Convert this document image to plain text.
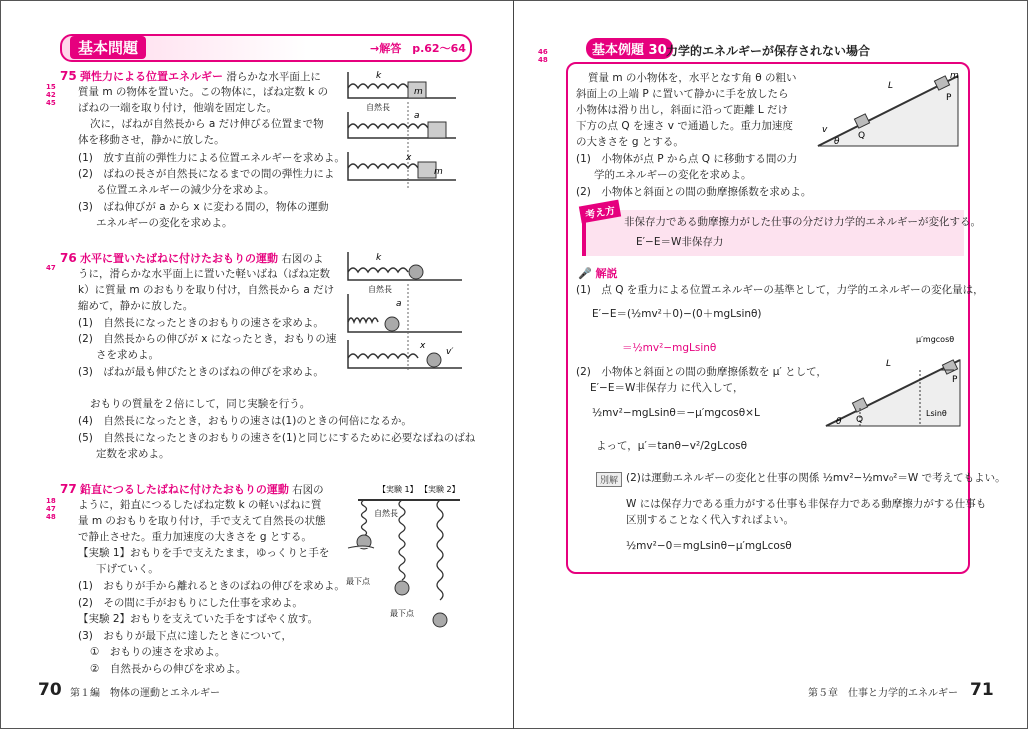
基本問題	→解答　p.62〜64
15
42
45
75 弾性力による位置エネルギー 滑らかな水平面上に
質量 m の物体を置いた。この物体に，ばね定数 k の
ばねの一端を取り付け，他端を固定した。
次に，ばねが自然長から a だけ伸びる位置まで物
体を移動させ，静かに放した。
(1)　放す直前の弾性力による位置エネルギーを求めよ。
(2)　ばねの長さが自然長になるまでの間の弾性力によ
る位置エネルギーの減少分を求めよ。
(3)　ばね伸びが a から x に変わる間の，物体の運動
エネルギーの変化を求めよ。
k
m
自然長
a
x
m
47
76 水平に置いたばねに付けたおもりの運動 右図のよ
うに，滑らかな水平面上に置いた軽いばね（ばね定数
k）に質量 m のおもりを取り付け，自然長から a だけ
縮めて，静かに放した。
(1)　自然長になったときのおもりの速さを求めよ。
(2)　自然長からの伸びが x になったとき，おもりの速
さを求めよ。
(3)　ばねが最も伸びたときのばねの伸びを求めよ。
おもりの質量を２倍にして，同じ実験を行う。
(4)　自然長になったとき，おもりの速さは(1)のときの何倍になるか。
(5)　自然長になったときのおもりの速さを(1)と同じにするために必要なばねのばね
定数を求めよ。
k
自然長
a
x
v′
18
47
48
77 鉛直につるしたばねに付けたおもりの運動 右図の
ように，鉛直につるしたばね定数 k の軽いばねに質
量 m のおもりを取り付け，手で支えて自然長の状態
で静止させた。重力加速度の大きさを g とする。
【実験 1】おもりを手で支えたまま，ゆっくりと手を
下げていく。
(1)　おもりが手から離れるときのばねの伸びを求めよ。
(2)　その間に手がおもりにした仕事を求めよ。
【実験 2】おもりを支えていた手をすばやく放す。
(3)　おもりが最下点に達したときについて，
①　おもりの速さを求めよ。
②　自然長からの伸びを求めよ。
【実験 1】 【実験 2】
自然長
最下点
最下点
70 第１編　物体の運動とエネルギー
46
48
基本例題 30 力学的エネルギーが保存されない場合
質量 m の小物体を，水平となす角 θ の粗い
斜面上の上端 P に置いて静かに手を放したら
小物体は滑り出し，斜面に沿って距離 L だけ
下方の点 Q を速さ v で通過した。重力加速度
の大きさを g とする。
(1)　小物体が点 P から点 Q に移動する間の力
学的エネルギーの変化を求めよ。
(2)　小物体と斜面との間の動摩擦係数を求めよ。
L
m
P
Q
v
θ
考え方
非保存力である動摩擦力がした仕事の分だけ力学的エネルギーが変化する。
E′−E＝W非保存力
🎤 解説
(1)　点 Q を重力による位置エネルギーの基準として，力学的エネルギーの変化量は，
E′−E＝(½mv²＋0)−(0＋mgLsinθ)
＝½mv²−mgLsinθ
(2)　小物体と斜面との間の動摩擦係数を μ′ として，
E′−E＝W非保存力 に代入して，
½mv²−mgLsinθ＝−μ′mgcosθ×L
よって，μ′＝tanθ−v²/2gLcosθ
μ′mgcosθ
L
P
Q
Lsinθ
θ
別解 (2)は運動エネルギーの変化と仕事の関係 ½mv²−½mv₀²＝W で考えてもよい。
W には保存力である重力がする仕事も非保存力である動摩擦力がする仕事も
区別することなく代入すればよい。
½mv²−0＝mgLsinθ−μ′mgLcosθ
第５章　仕事と力学的エネルギー 71
